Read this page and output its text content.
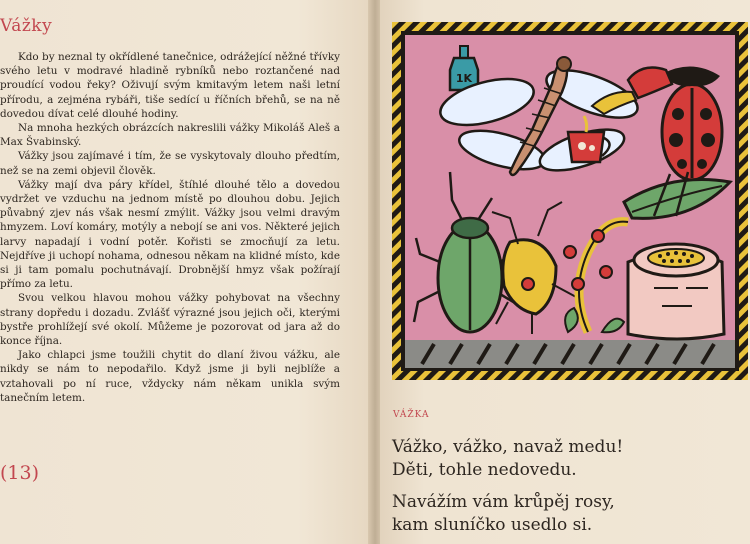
Vážky

Kdo by neznal ty okřídlené tanečnice, odrážející něžné třívky svého letu v modravé hladině rybníků nebo roztančené nad proudící vodou řeky? Oživují svým kmitavým letem naši letní přírodu, a zejména rybáři, tiše sedící u říčních břehů, se na ně dovedou dívat celé dlouhé hodiny.

Na mnoha hezkých obrázcích nakreslili vážky Mikoláš Aleš a Max Švabinský.

Vážky jsou zajímavé i tím, že se vyskytovaly dlouho předtím, než se na zemi objevil člověk.

Vážky mají dva páry křídel, štíhlé dlouhé tělo a dovedou vydržet ve vzduchu na jednom místě po dlouhou dobu. Jejich půvabný zjev nás však nesmí zmýlit. Vážky jsou velmi dravým hmyzem. Loví komáry, motýly a nebojí se ani vos. Některé jejich larvy napadají i vodní potěr. Kořisti se zmocňují za letu. Nejdříve ji uchopí nohama, odnesou někam na klidné místo, kde si ji tam pomalu pochutnávají. Drobnější hmyz však požírají přímo za letu.

Svou velkou hlavou mohou vážky pohybovat na všechny strany dopředu i dozadu. Zvlášť výrazné jsou jejich oči, kterými bystře prohlížejí své okolí. Můžeme je pozorovat od jara až do konce října.

Jako chlapci jsme toužili chytit do dlaní živou vážku, ale nikdy se nám to nepodařilo. Když jsme ji byli nejblíže a vztahovali po ní ruce, vždycky nám někam unikla svým tanečním letem.

(13)
1K
VÁŽKA
Vážko, vážko, navaž medu!
Děti, tohle nedovedu.
Navážím vám krůpěj rosy,
kam sluníčko usedlo si.
